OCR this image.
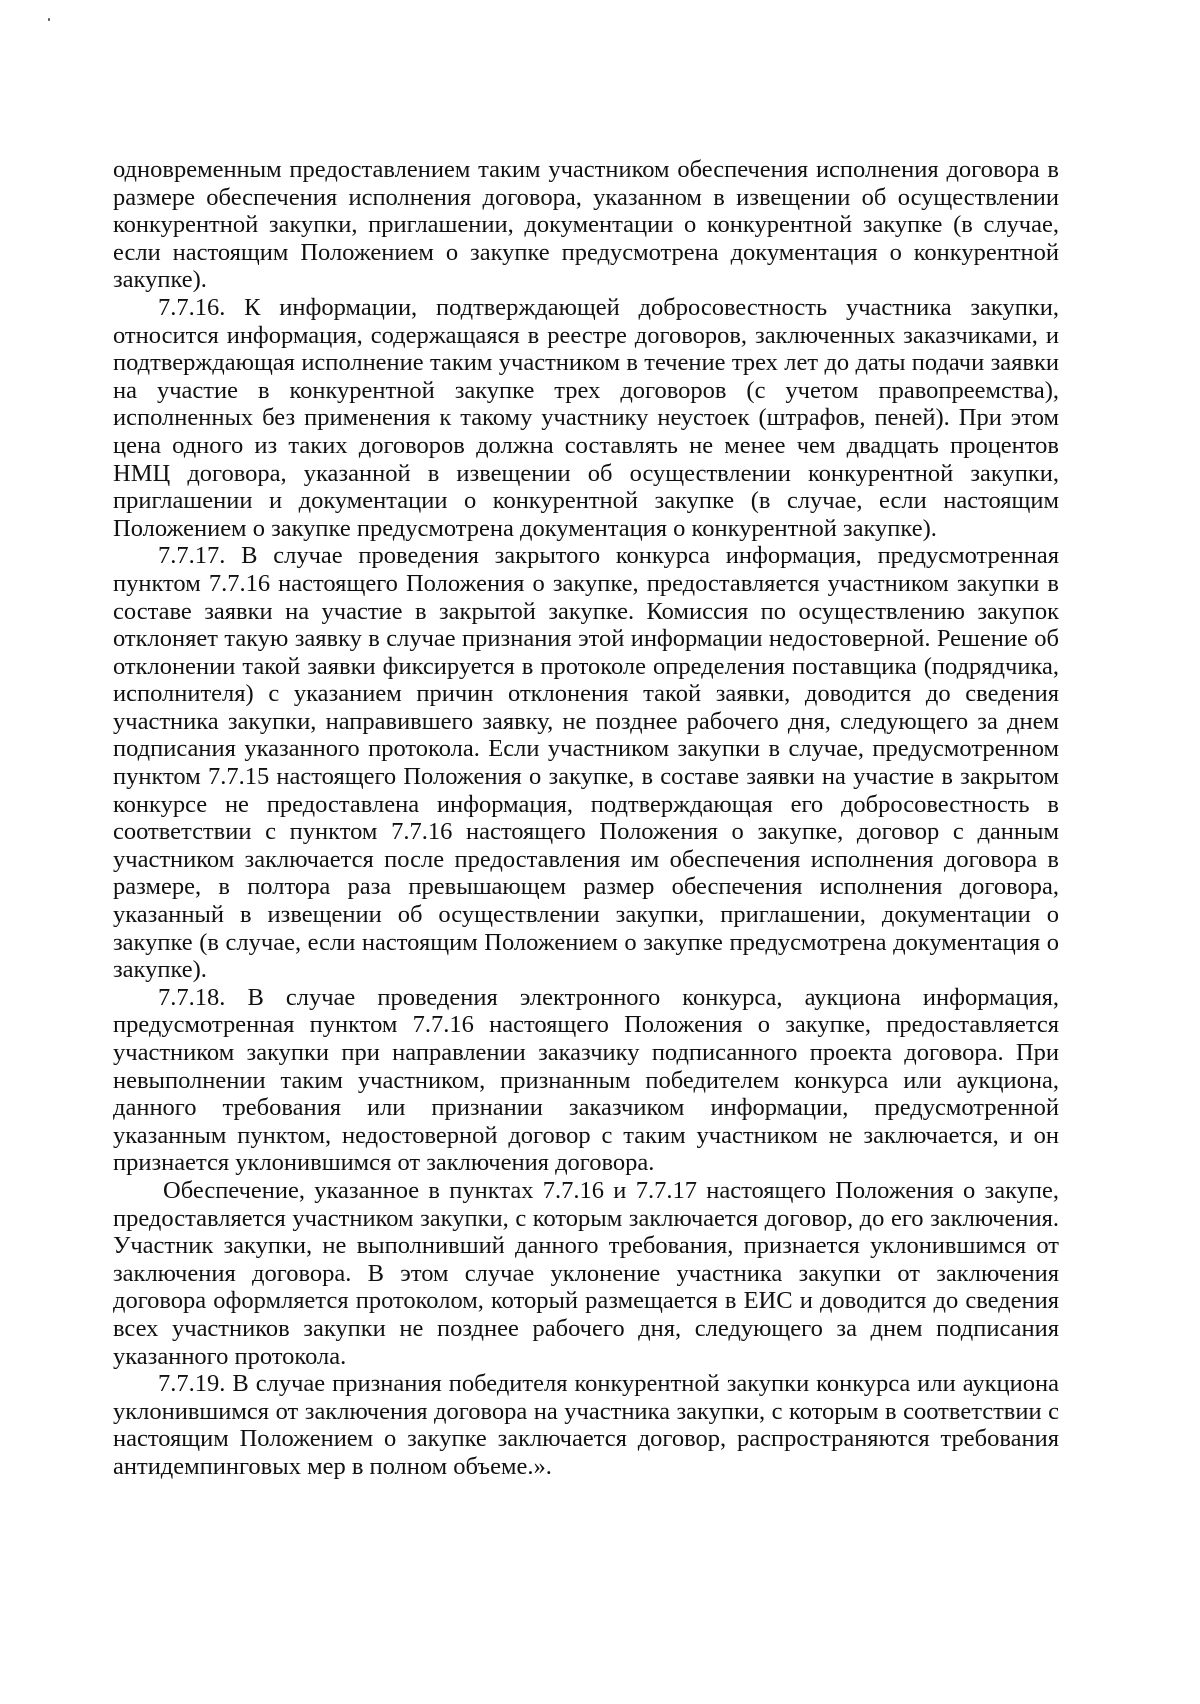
одновременным предоставлением таким участником обеспечения исполнения договора в размере обеспечения исполнения договора, указанном в извещении об осуществлении конкурентной закупки, приглашении, документации о конкурентной закупке (в случае, если настоящим Положением о закупке предусмотрена документация о конкурентной закупке).

7.7.16. К информации, подтверждающей добросовестность участника закупки, относится информация, содержащаяся в реестре договоров, заключенных заказчиками, и подтверждающая исполнение таким участником в течение трех лет до даты подачи заявки на участие в конкурентной закупке трех договоров (с учетом правопреемства), исполненных без применения к такому участнику неустоек (штрафов, пеней). При этом цена одного из таких договоров должна составлять не менее чем двадцать процентов НМЦ договора, указанной в извещении об осуществлении конкурентной закупки, приглашении и документации о конкурентной закупке (в случае, если настоящим Положением о закупке предусмотрена документация о конкурентной закупке).

7.7.17. В случае проведения закрытого конкурса информация, предусмотренная пунктом 7.7.16 настоящего Положения о закупке, предоставляется участником закупки в составе заявки на участие в закрытой закупке. Комиссия по осуществлению закупок отклоняет такую заявку в случае признания этой информации недостоверной. Решение об отклонении такой заявки фиксируется в протоколе определения поставщика (подрядчика, исполнителя) с указанием причин отклонения такой заявки, доводится до сведения участника закупки, направившего заявку, не позднее рабочего дня, следующего за днем подписания указанного протокола. Если участником закупки в случае, предусмотренном пунктом 7.7.15 настоящего Положения о закупке, в составе заявки на участие в закрытом конкурсе не предоставлена информация, подтверждающая его добросовестность в соответствии с пунктом 7.7.16 настоящего Положения о закупке, договор с данным участником заключается после предоставления им обеспечения исполнения договора в размере, в полтора раза превышающем размер обеспечения исполнения договора, указанный в извещении об осуществлении закупки, приглашении, документации о закупке (в случае, если настоящим Положением о закупке предусмотрена документация о закупке).

7.7.18. В случае проведения электронного конкурса, аукциона информация, предусмотренная пунктом 7.7.16 настоящего Положения о закупке, предоставляется участником закупки при направлении заказчику подписанного проекта договора. При невыполнении таким участником, признанным победителем конкурса или аукциона, данного требования или признании заказчиком информации, предусмотренной указанным пунктом, недостоверной договор с таким участником не заключается, и он признается уклонившимся от заключения договора.

Обеспечение, указанное в пунктах 7.7.16 и 7.7.17 настоящего Положения о закупе, предоставляется участником закупки, с которым заключается договор, до его заключения. Участник закупки, не выполнивший данного требования, признается уклонившимся от заключения договора. В этом случае уклонение участника закупки от заключения договора оформляется протоколом, который размещается в ЕИС и доводится до сведения всех участников закупки не позднее рабочего дня, следующего за днем подписания указанного протокола.

7.7.19. В случае признания победителя конкурентной закупки конкурса или аукциона уклонившимся от заключения договора на участника закупки, с которым в соответствии с настоящим Положением о закупке заключается договор, распространяются требования антидемпинговых мер в полном объеме.».
